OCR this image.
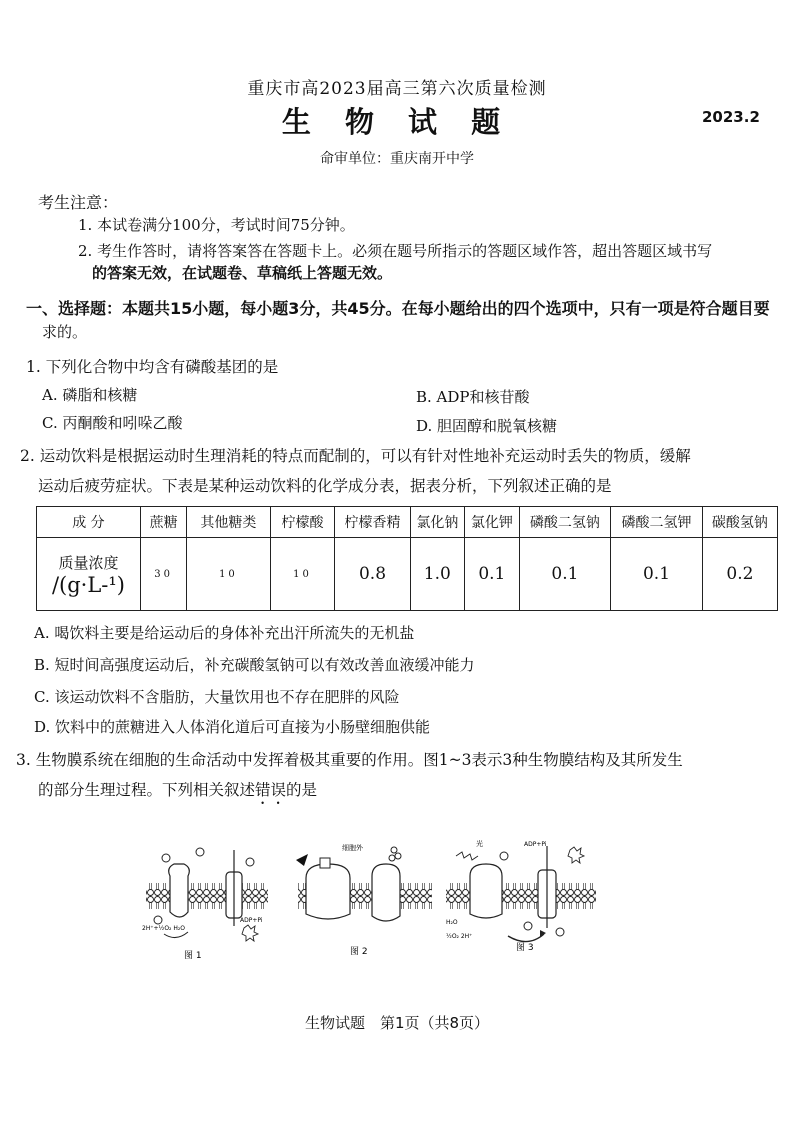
重庆市高2023届高三第六次质量检测
生 物 试 题	2023.2
命审单位：重庆南开中学
考生注意：
1. 本试卷满分100分，考试时间75分钟。
2. 考生作答时，请将答案答在答题卡上。必须在题号所指示的答题区域作答，超出答题区域书写
的答案无效，在试题卷、草稿纸上答题无效。
一、选择题：本题共15小题，每小题3分，共45分。在每小题给出的四个选项中，只有一项是符合题目要
求的。
1. 下列化合物中均含有磷酸基团的是
A. 磷脂和核糖	B. ADP和核苷酸
C. 丙酮酸和吲哚乙酸	D. 胆固醇和脱氧核糖
2. 运动饮料是根据运动时生理消耗的特点而配制的，可以有针对性地补充运动时丢失的物质，缓解
运动后疲劳症状。下表是某种运动饮料的化学成分表，据表分析，下列叙述正确的是
成 分	蔗糖	其他糖类	柠檬酸	柠檬香精	氯化钠	氯化钾	磷酸二氢钠	磷酸二氢钾	碳酸氢钠

质量浓度
/(g·L-¹)	30	10	10	0.8	1.0	0.1	0.1	0.1	0.2
A. 喝饮料主要是给运动后的身体补充出汗所流失的无机盐
B. 短时间高强度运动后，补充碳酸氢钠可以有效改善血液缓冲能力
C. 该运动饮料不含脂肪，大量饮用也不存在肥胖的风险
D. 饮料中的蔗糖进入人体消化道后可直接为小肠壁细胞供能
3. 生物膜系统在细胞的生命活动中发挥着极其重要的作用。图1~3表示3种生物膜结构及其所发生
的部分生理过程。下列相关叙述错误的是
2H⁺+½O₂ H₂O
ADP+Pi
图 1
细胞外
图 2
光	ADP+Pi
H₂O
½O₂ 2H⁺
图 3
生物试题　第1页（共8页）
